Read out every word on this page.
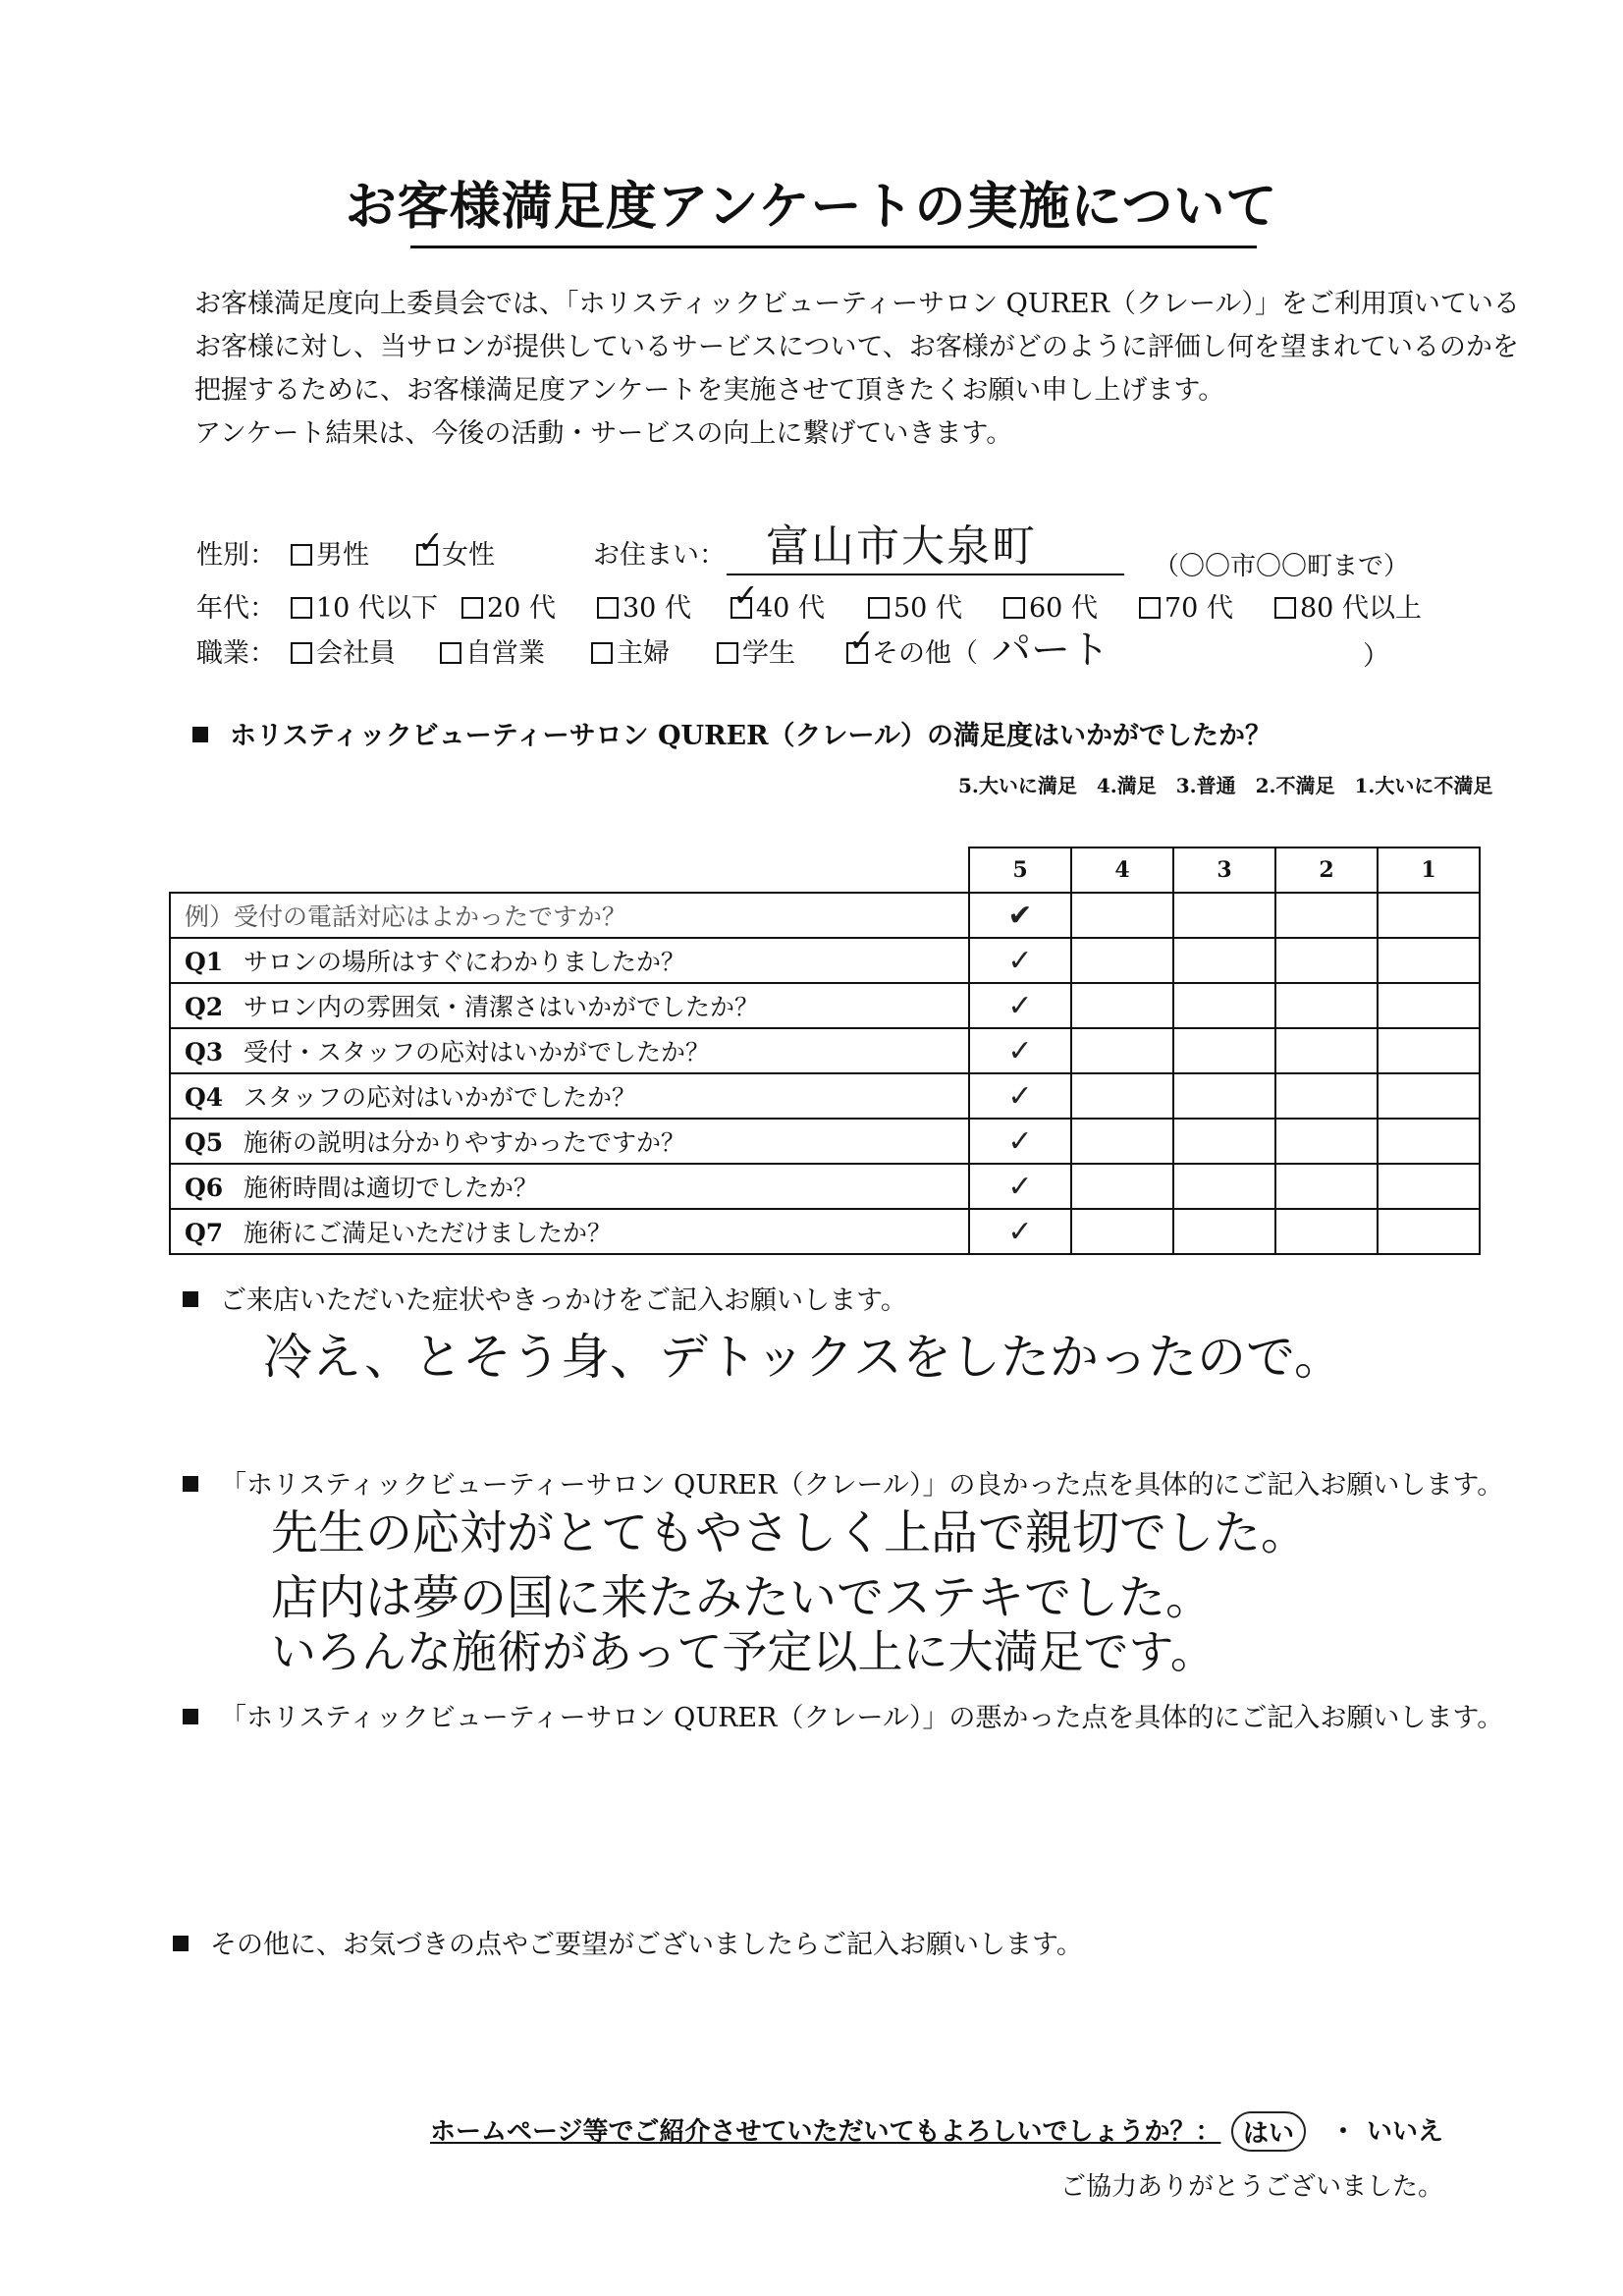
お客様満足度アンケートの実施について

お客様満足度向上委員会では、「ホリスティックビューティーサロン QURER（クレール）」をご利用頂いている

お客様に対し、当サロンが提供しているサービスについて、お客様がどのように評価し何を望まれているのかを

把握するために、お客様満足度アンケートを実施させて頂きたくお願い申し上げます。

アンケート結果は、今後の活動・サービスの向上に繋げていきます。

性別：	男性	女性
✓	お住まい： 富山市大泉町	（〇〇市〇〇町まで）
年代：	10 代以下	20 代	30 代	40 代
✓	50 代	60 代	70 代	80 代以上
職業：	会社員	自営業	主婦	学生	その他（
✓	パート	）
ホリスティックビューティーサロン QURER（クレール）の満足度はいかがでしたか？
5.大いに満足　4.満足　3.普通　2.不満足　1.大いに不満足
	5	4	3	2	1
例）受付の電話対応はよかったですか？	✔				
Q1 サロンの場所はすぐにわかりましたか？	✓				
Q2 サロン内の雰囲気・清潔さはいかがでしたか？	✓				
Q3 受付・スタッフの応対はいかがでしたか？	✓				
Q4 スタッフの応対はいかがでしたか？	✓				
Q5 施術の説明は分かりやすかったですか？	✓				
Q6 施術時間は適切でしたか？	✓				
Q7 施術にご満足いただけましたか？	✓				
ご来店いただいた症状やきっかけをご記入お願いします。
冷え、とそう身、デトックスをしたかったので。
「ホリスティックビューティーサロン QURER（クレール）」の良かった点を具体的にご記入お願いします。
先生の応対がとてもやさしく上品で親切でした。
店内は夢の国に来たみたいでステキでした。
いろんな施術があって予定以上に大満足です。
「ホリスティックビューティーサロン QURER（クレール）」の悪かった点を具体的にご記入お願いします。
その他に、お気づきの点やご要望がございましたらご記入お願いします。
ホームページ等でご紹介させていただいてもよろしいでしょうか？： はい	・ いいえ
ご協力ありがとうございました。
